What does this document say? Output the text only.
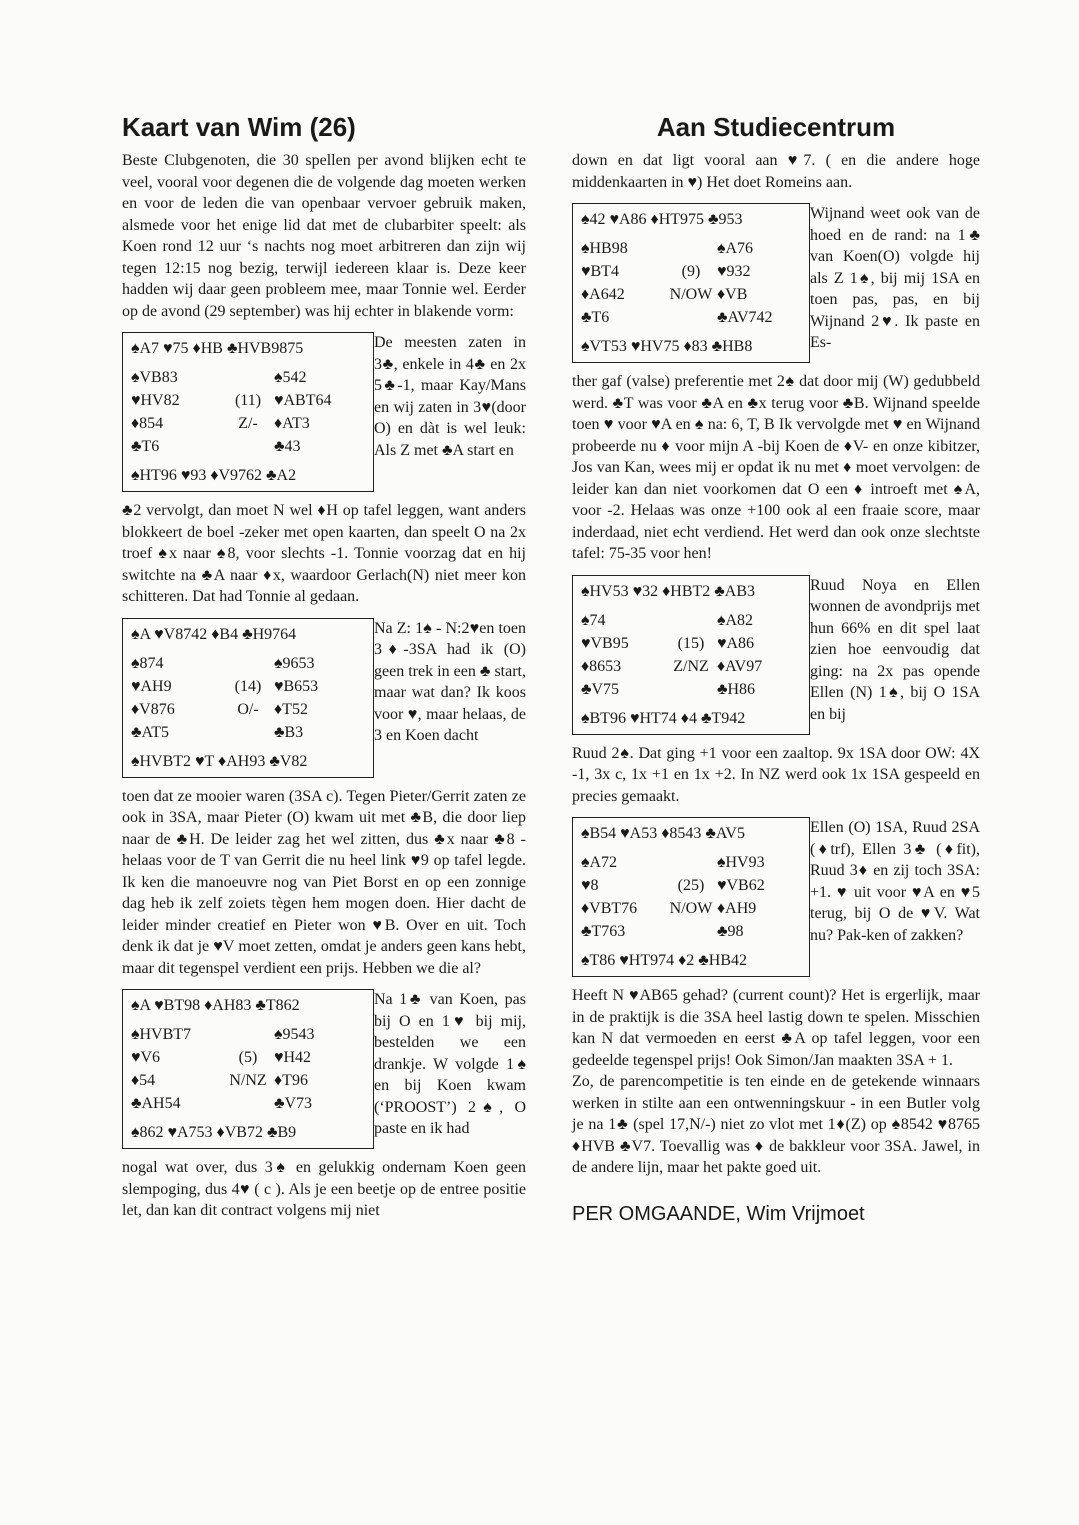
Kaart van Wim (26)

Beste Clubgenoten, die 30 spellen per avond blijken echt te veel, vooral voor degenen die de volgende dag moeten werken en voor de leden die van openbaar vervoer gebruik maken, alsmede voor het enige lid dat met de clubarbiter speelt: als Koen rond 12 uur ‘s nachts nog moet arbitreren dan zijn wij tegen 12:15 nog bezig, terwijl iedereen klaar is. Deze keer hadden wij daar geen probleem mee, maar Tonnie wel. Eerder op de avond (29 september) was hij echter in blakende vorm:

♠A7 ♥75 ♦HB ♣HVB9875
♠VB83	♠542
♥HV82	(11) ♥ABT64
♦854	Z/-	♦AT3
♣T6	♣43
♠HT96 ♥93 ♦V9762 ♣A2
De meesten zaten in 3♣, enkele in 4♣ en 2x 5♣-1, maar Kay/Mans en wij zaten in 3♥(door O) en dàt is wel leuk: Als Z met ♣A start en

♣2 vervolgt, dan moet N wel ♦H op tafel leggen, want anders blokkeert de boel -zeker met open kaarten, dan speelt O na 2x troef ♠x naar ♠8, voor slechts -1. Tonnie voorzag dat en hij switchte na ♣A naar ♦x, waardoor Gerlach(N) niet meer kon schitteren. Dat had Tonnie al gedaan.

♠A ♥V8742 ♦B4 ♣H9764
♠874	♠9653
♥AH9	(14) ♥B653
♦V876	O/- ♦T52
♣AT5	♣B3
♠HVBT2 ♥T ♦AH93 ♣V82
Na Z: 1♠ - N:2♥en toen 3♦-3SA had ik (O) geen trek in een ♣ start, maar wat dan? Ik koos voor ♥, maar helaas, de 3 en Koen dacht

toen dat ze mooier waren (3SA c). Tegen Pieter/Gerrit zaten ze ook in 3SA, maar Pieter (O) kwam uit met ♣B, die door liep naar de ♣H. De leider zag het wel zitten, dus ♣x naar ♣8 -helaas voor de T van Gerrit die nu heel link ♥9 op tafel legde. Ik ken die manoeuvre nog van Piet Borst en op een zonnige dag heb ik zelf zoiets tègen hem mogen doen. Hier dacht de leider minder creatief en Pieter won ♥B. Over en uit. Toch denk ik dat je ♥V moet zetten, omdat je anders geen kans hebt, maar dit tegenspel verdient een prijs. Hebben we die al?

♠A ♥BT98 ♦AH83 ♣T862
♠HVBT7	♠9543
♥V6	(5)	♥H42
♦54	N/NZ ♦T96
♣AH54	♣V73
♠862 ♥A753 ♦VB72 ♣B9
Na 1♣ van Koen, pas bij O en 1♥ bij mij, bestelden we een drankje. W volgde 1♠ en bij Koen kwam (‘PROOST’) 2♠, O paste en ik had

nogal wat over, dus 3♠ en gelukkig ondernam Koen geen slempoging, dus 4♥ ( c ). Als je een beetje op de entree positie let, dan kan dit contract volgens mij niet

Aan Studiecentrum

down en dat ligt vooral aan ♥7. ( en die andere hoge middenkaarten in ♥) Het doet Romeins aan.

♠42 ♥A86 ♦HT975 ♣953
♠HB98	♠A76
♥BT4	(9)	♥932
♦A642	N/OW ♦VB
♣T6	♣AV742
♠VT53 ♥HV75 ♦83 ♣HB8
Wijnand weet ook van de hoed en de rand: na 1♣ van Koen(O) volgde hij als Z 1♠, bij mij 1SA en toen pas, pas, en bij Wijnand 2♥. Ik paste en Es-

ther gaf (valse) preferentie met 2♠ dat door mij (W) gedubbeld werd. ♣T was voor ♣A en ♣x terug voor ♣B. Wijnand speelde toen ♥ voor ♥A en ♠ na: 6, T, B Ik vervolgde met ♥ en Wijnand probeerde nu ♦ voor mijn A -bij Koen de ♦V- en onze kibitzer, Jos van Kan, wees mij er opdat ik nu met ♦ moet vervolgen: de leider kan dan niet voorkomen dat O een ♦ introeft met ♠A, voor -2. Helaas was onze +100 ook al een fraaie score, maar inderdaad, niet echt verdiend. Het werd dan ook onze slechtste tafel: 75-35 voor hen!

♠HV53 ♥32 ♦HBT2 ♣AB3
♠74	♠A82
♥VB95	(15) ♥A86
♦8653	Z/NZ ♦AV97
♣V75	♣H86
♠BT96 ♥HT74 ♦4 ♣T942
Ruud Noya en Ellen wonnen de avondprijs met hun 66% en dit spel laat zien hoe eenvoudig dat ging: na 2x pas opende Ellen (N) 1♠, bij O 1SA en bij

Ruud 2♠. Dat ging +1 voor een zaaltop. 9x 1SA door OW: 4X -1, 3x c, 1x +1 en 1x +2. In NZ werd ook 1x 1SA gespeeld en precies gemaakt.

♠B54 ♥A53 ♦8543 ♣AV5
♠A72	♠HV93
♥8	(25) ♥VB62
♦VBT76	N/OW ♦AH9
♣T763	♣98
♠T86 ♥HT974 ♦2 ♣HB42
Ellen (O) 1SA, Ruud 2SA (♦trf), Ellen 3♣ (♦fit), Ruud 3♦ en zij toch 3SA: +1. ♥ uit voor ♥A en ♥5 terug, bij O de ♥V. Wat nu? Pak-ken of zakken?

Heeft N ♥AB65 gehad? (current count)? Het is ergerlijk, maar in de praktijk is die 3SA heel lastig down te spelen. Misschien kan N dat vermoeden en eerst ♣A op tafel leggen, voor een gedeelde tegenspel prijs! Ook Simon/Jan maakten 3SA + 1.

Zo, de parencompetitie is ten einde en de getekende winnaars werken in stilte aan een ontwenningskuur - in een Butler volg je na 1♣ (spel 17,N/-) niet zo vlot met 1♦(Z) op ♠8542 ♥8765 ♦HVB ♣V7. Toevallig was ♦ de bakkleur voor 3SA. Jawel, in de andere lijn, maar het pakte goed uit.

PER OMGAANDE, Wim Vrijmoet
